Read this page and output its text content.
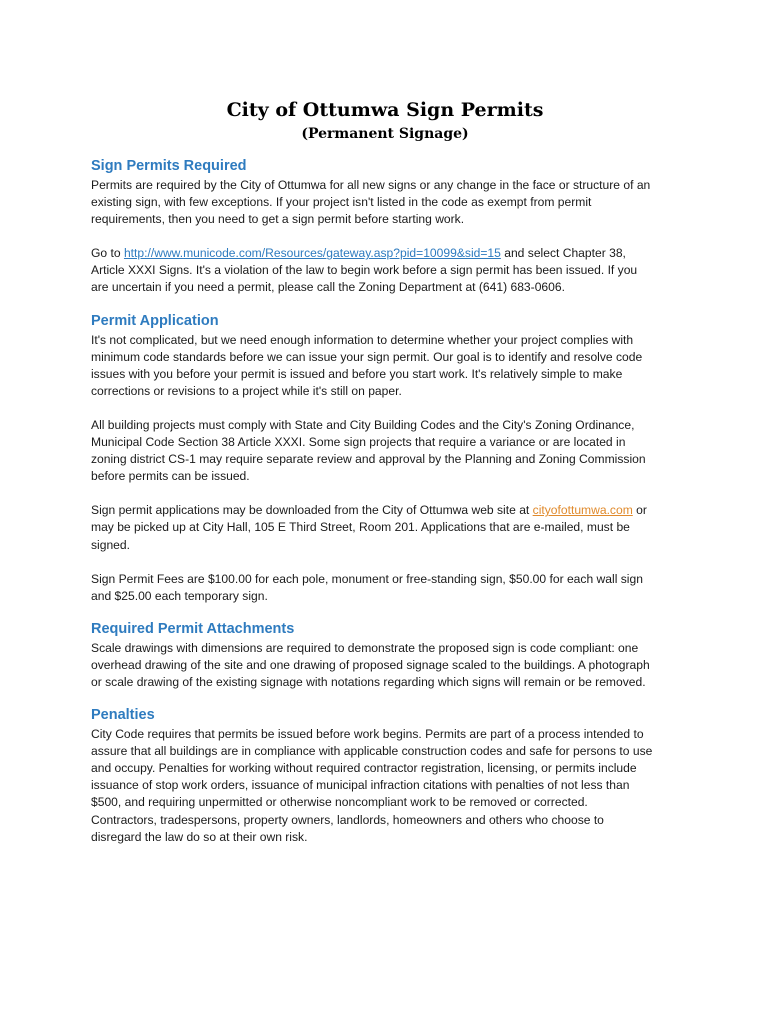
City of Ottumwa Sign Permits
(Permanent Signage)
Sign Permits Required

Permits are required by the City of Ottumwa for all new signs or any change in the face or structure of an
existing sign, with few exceptions. If your project isn't listed in the code as exempt from permit
requirements, then you need to get a sign permit before starting work.

Go to http://www.municode.com/Resources/gateway.asp?pid=10099&sid=15 and select Chapter 38,
Article XXXI Signs. It's a violation of the law to begin work before a sign permit has been issued. If you
are uncertain if you need a permit, please call the Zoning Department at (641) 683-0606.

Permit Application

It's not complicated, but we need enough information to determine whether your project complies with
minimum code standards before we can issue your sign permit. Our goal is to identify and resolve code
issues with you before your permit is issued and before you start work. It's relatively simple to make
corrections or revisions to a project while it's still on paper.

All building projects must comply with State and City Building Codes and the City's Zoning Ordinance,
Municipal Code Section 38 Article XXXI. Some sign projects that require a variance or are located in
zoning district CS-1 may require separate review and approval by the Planning and Zoning Commission
before permits can be issued.

Sign permit applications may be downloaded from the City of Ottumwa web site at cityofottumwa.com or
may be picked up at City Hall, 105 E Third Street, Room 201. Applications that are e-mailed, must be
signed.

Sign Permit Fees are $100.00 for each pole, monument or free-standing sign, $50.00 for each wall sign
and $25.00 each temporary sign.

Required Permit Attachments

Scale drawings with dimensions are required to demonstrate the proposed sign is code compliant: one
overhead drawing of the site and one drawing of proposed signage scaled to the buildings. A photograph
or scale drawing of the existing signage with notations regarding which signs will remain or be removed.

Penalties

City Code requires that permits be issued before work begins. Permits are part of a process intended to
assure that all buildings are in compliance with applicable construction codes and safe for persons to use
and occupy. Penalties for working without required contractor registration, licensing, or permits include
issuance of stop work orders, issuance of municipal infraction citations with penalties of not less than
$500, and requiring unpermitted or otherwise noncompliant work to be removed or corrected.
Contractors, tradespersons, property owners, landlords, homeowners and others who choose to
disregard the law do so at their own risk.
